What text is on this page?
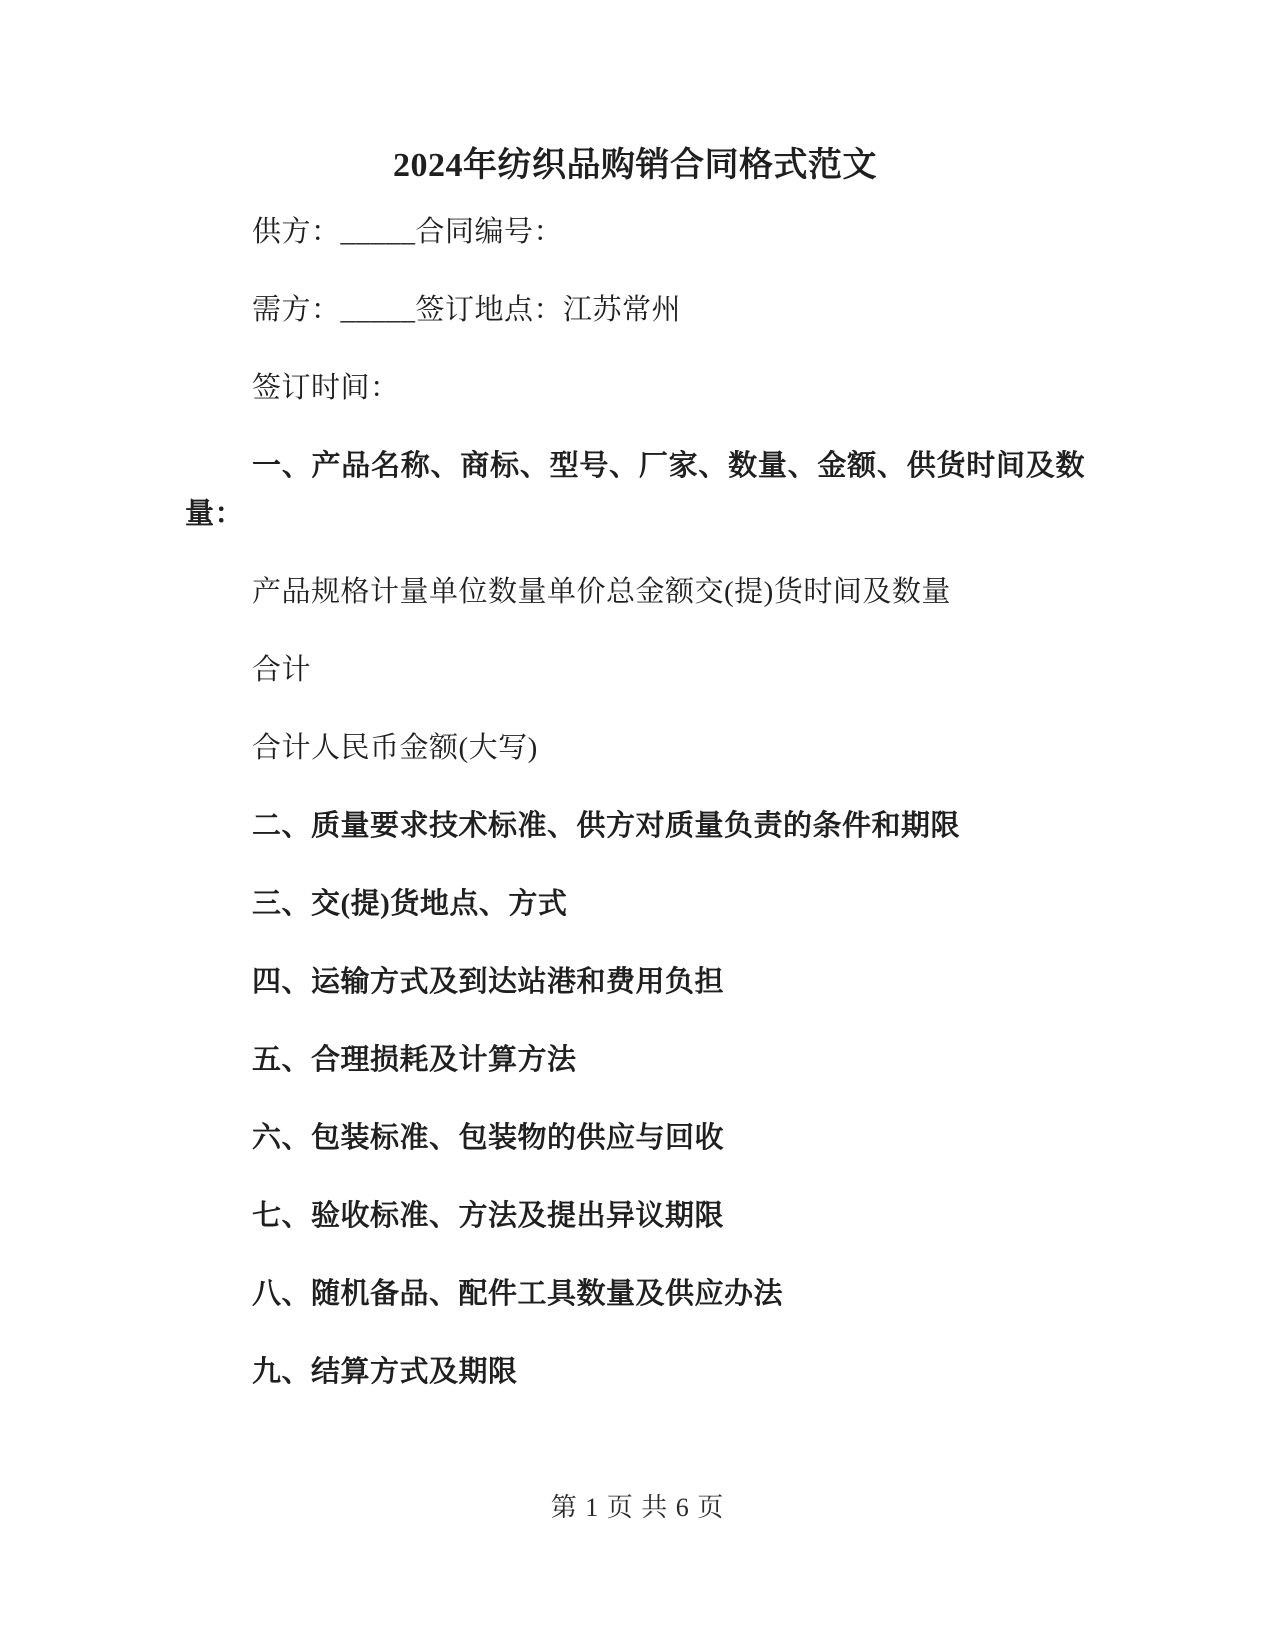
2024年纺织品购销合同格式范文

供方：_____合同编号：

需方：_____签订地点：江苏常州

签订时间：

一、产品名称、商标、型号、厂家、数量、金额、供货时间及数量：

产品规格计量单位数量单价总金额交(提)货时间及数量

合计

合计人民币金额(大写)

二、质量要求技术标准、供方对质量负责的条件和期限

三、交(提)货地点、方式

四、运输方式及到达站港和费用负担

五、合理损耗及计算方法

六、包装标准、包装物的供应与回收

七、验收标准、方法及提出异议期限

八、随机备品、配件工具数量及供应办法

九、结算方式及期限

第 1 页 共 6 页
